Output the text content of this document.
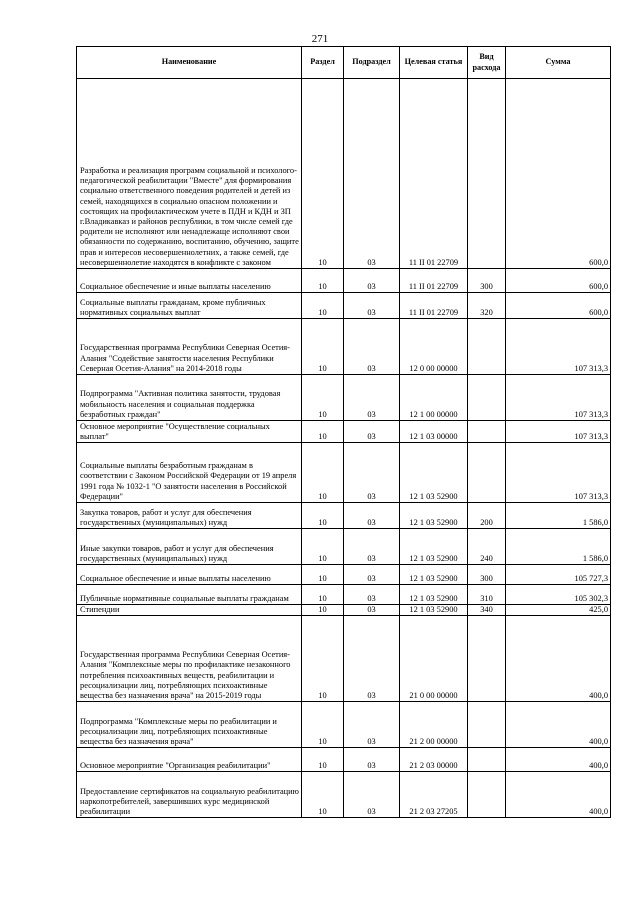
271
Наименование	Раздел	Подраздел	Целевая статья	Вид расхода	Сумма
Разработка и реализация программ социальной и психолого-педагогической реабилитации "Вместе" для формирования социально ответственного поведения родителей и детей из семей, находящихся в социально опасном положении и состоящих на профилактическом учете в ПДН и КДН и ЗП г.Владикавказ и районов республики, в том числе семей где родители не исполняют или ненадлежаще исполняют свои обязанности по содержанию, воспитанию, обучению, защите прав и интересов несовершеннолетних, а также семей, где несовершеннолетие находятся в конфликте с законом	10	03	11 II 01 22709		600,0
Социальное обеспечение и иные выплаты населению	10	03	11 II 01 22709	300	600,0
Социальные выплаты гражданам, кроме публичных нормативных социальных выплат	10	03	11 II 01 22709	320	600,0
Государственная программа Республики Северная Осетия-Алания "Содействие занятости населения Республики Северная Осетия-Алания" на 2014-2018 годы	10	03	12 0 00 00000		107 313,3
Подпрограмма "Активная политика занятости, трудовая мобильность населения и социальная поддержка безработных граждан"	10	03	12 1 00 00000		107 313,3
Основное мероприятие "Осуществление социальных выплат"	10	03	12 1 03 00000		107 313,3
Социальные выплаты безработным гражданам в соответствии с Законом Российской Федерации от 19 апреля 1991 года № 1032-1 "О занятости населения в Российской Федерации"	10	03	12 1 03 52900		107 313,3
Закупка товаров, работ и услуг для обеспечения государственных (муниципальных) нужд	10	03	12 1 03 52900	200	1 586,0
Иные закупки товаров, работ и услуг для обеспечения государственных (муниципальных) нужд	10	03	12 1 03 52900	240	1 586,0
Социальное обеспечение и иные выплаты населению	10	03	12 1 03 52900	300	105 727,3
Публичные нормативные социальные выплаты гражданам	10	03	12 1 03 52900	310	105 302,3
Стипендии	10	03	12 1 03 52900	340	425,0
Государственная программа Республики Северная Осетия-Алания "Комплексные меры по профилактике незаконного потребления психоактивных веществ, реабилитации и ресоциализации лиц, потребляющих психоактивные вещества без назначения врача" на 2015-2019 годы	10	03	21 0 00 00000		400,0
Подпрограмма "Комплексные меры по реабилитации и ресоциализации лиц, потребляющих психоактивные вещества без назначения врача"	10	03	21 2 00 00000		400,0
Основное мероприятие "Организация реабилитации"	10	03	21 2 03 00000		400,0
Предоставление сертификатов на социальную реабилитацию наркопотребителей, завершивших курс медицинской реабилитации	10	03	21 2 03 27205		400,0
